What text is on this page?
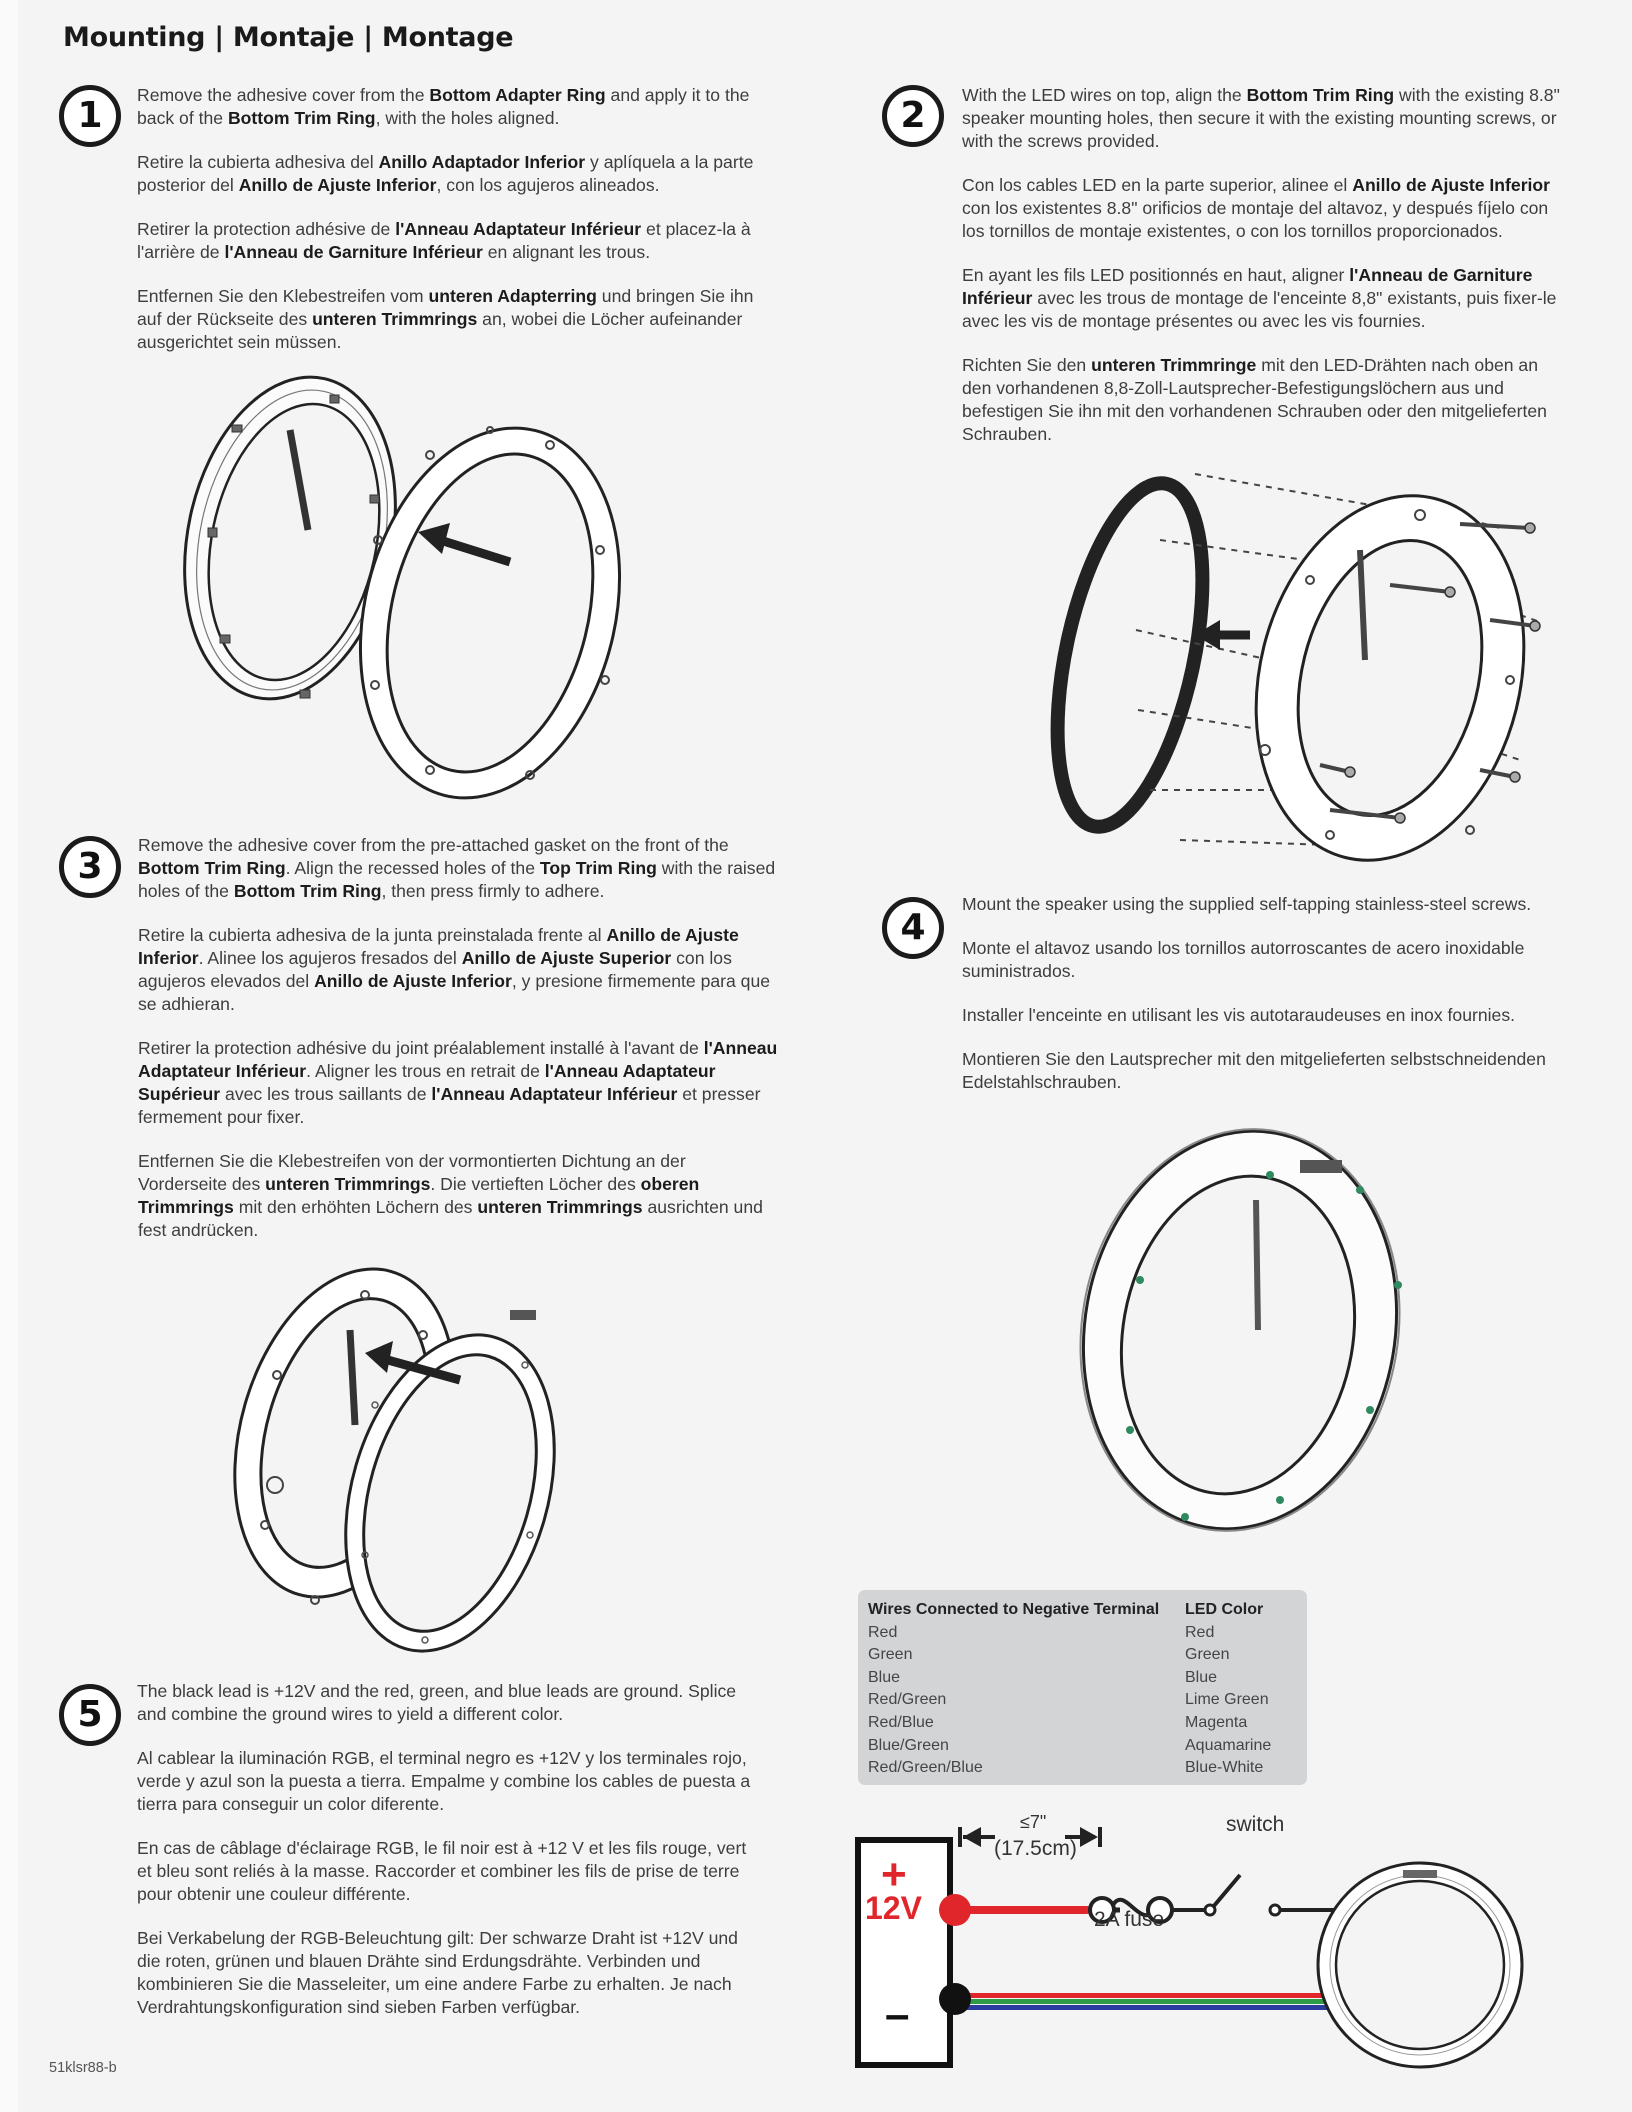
Mounting | Montaje | Montage
1	Remove the adhesive cover from the Bottom Adapter Ring and apply it to the back of the Bottom Trim Ring, with the holes aligned.

Retire la cubierta adhesiva del Anillo Adaptador Inferior y aplíquela a la parte posterior del Anillo de Ajuste Inferior, con los agujeros alineados.

Retirer la protection adhésive de l'Anneau Adaptateur Inférieur et placez-la à l'arrière de l'Anneau de Garniture Inférieur en alignant les trous.

Entfernen Sie den Klebestreifen vom unteren Adapterring und bringen Sie ihn auf der Rückseite des unteren Trimmrings an, wobei die Löcher aufeinander ausgerichtet sein müssen.

2	With the LED wires on top, align the Bottom Trim Ring with the existing 8.8" speaker mounting holes, then secure it with the existing mounting screws, or with the screws provided.

Con los cables LED en la parte superior, alinee el Anillo de Ajuste Inferior con los existentes 8.8" orificios de montaje del altavoz, y después fíjelo con los tornillos de montaje existentes, o con los tornillos proporcionados.

En ayant les fils LED positionnés en haut, aligner l'Anneau de Garniture Inférieur avec les trous de montage de l'enceinte 8,8" existants, puis fixer-le avec les vis de montage présentes ou avec les vis fournies.

Richten Sie den unteren Trimmringe mit den LED-Drähten nach oben an den vorhandenen 8,8-Zoll-Lautsprecher-Befestigungslöchern aus und befestigen Sie ihn mit den vorhandenen Schrauben oder den mitgelieferten Schrauben.

3

Remove the adhesive cover from the pre-attached gasket on the front of the Bottom Trim Ring. Align the recessed holes of the Top Trim Ring with the raised holes of the Bottom Trim Ring, then press firmly to adhere.

Retire la cubierta adhesiva de la junta preinstalada frente al Anillo de Ajuste Inferior. Alinee los agujeros fresados del Anillo de Ajuste Superior con los agujeros elevados del Anillo de Ajuste Inferior, y presione firmemente para que se adhieran.

Retirer la protection adhésive du joint préalablement installé à l'avant de l'Anneau Adaptateur Inférieur. Aligner les trous en retrait de l'Anneau Adaptateur Supérieur avec les trous saillants de l'Anneau Adaptateur Inférieur et presser fermement pour fixer.

Entfernen Sie die Klebestreifen von der vormontierten Dichtung an der Vorderseite des unteren Trimmrings. Die vertieften Löcher des oberen Trimmrings mit den erhöhten Löchern des unteren Trimmrings ausrichten und fest andrücken.

4

Mount the speaker using the supplied self-tapping stainless-steel screws.

Monte el altavoz usando los tornillos autorroscantes de acero inoxidable suministrados.

Installer l'enceinte en utilisant les vis autotaraudeuses en inox fournies.

Montieren Sie den Lautsprecher mit den mitgelieferten selbstschneidenden Edelstahlschrauben.

5

The black lead is +12V and the red, green, and blue leads are ground. Splice and combine the ground wires to yield a different color.

Al cablear la iluminación RGB, el terminal negro es +12V y los terminales rojo, verde y azul son la puesta a tierra. Empalme y combine los cables de puesta a tierra para conseguir un color diferente.

En cas de câblage d'éclairage RGB, le fil noir est à +12 V et les fils rouge, vert et bleu sont reliés à la masse. Raccorder et combiner les fils de prise de terre pour obtenir une couleur différente.

Bei Verkabelung der RGB-Beleuchtung gilt: Der schwarze Draht ist +12V und die roten, grünen und blauen Drähte sind Erdungsdrähte. Verbinden und kombinieren Sie die Masseleiter, um eine andere Farbe zu erhalten. Je nach Verdrahtungskonfiguration sind sieben Farben verfügbar.

Wires Connected to Negative Terminal
Red
Green
Blue
Red/Green
Red/Blue
Blue/Green
Red/Green/Blue
LED Color
Red
Green
Blue
Lime Green
Magenta
Aquamarine
Blue-White
+
12V
–
≤7"
(17.5cm)
2A fuse
switch
51klsr88-b
